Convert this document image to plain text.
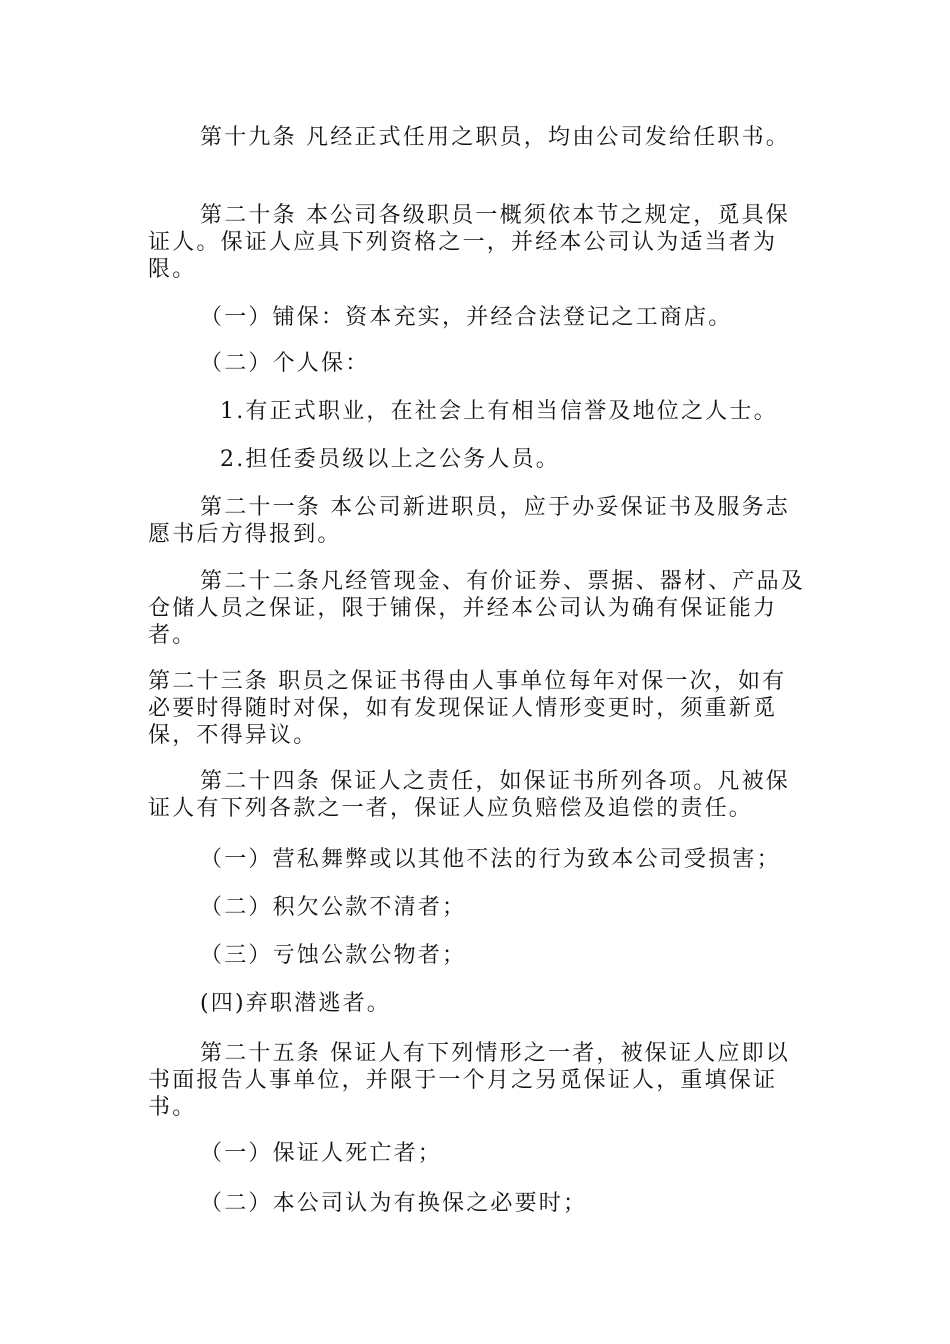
第十九条 凡经正式任用之职员，均由公司发给任职书。

第二十条 本公司各级职员一概须依本节之规定，觅具保证人。保证人应具下列资格之一，并经本公司认为适当者为限。

（一）铺保：资本充实，并经合法登记之工商店。

（二）个人保：

1.有正式职业，在社会上有相当信誉及地位之人士。

2.担任委员级以上之公务人员。

第二十一条 本公司新进职员，应于办妥保证书及服务志愿书后方得报到。

第二十二条凡经管现金、有价证券、票据、器材、产品及仓储人员之保证，限于铺保，并经本公司认为确有保证能力者。

第二十三条 职员之保证书得由人事单位每年对保一次，如有必要时得随时对保，如有发现保证人情形变更时，须重新觅保，不得异议。

第二十四条 保证人之责任，如保证书所列各项。凡被保证人有下列各款之一者，保证人应负赔偿及追偿的责任。

（一）营私舞弊或以其他不法的行为致本公司受损害；

（二）积欠公款不清者；

（三）亏蚀公款公物者；

(四)弃职潜逃者。

第二十五条 保证人有下列情形之一者，被保证人应即以书面报告人事单位，并限于一个月之另觅保证人，重填保证书。

（一）保证人死亡者；

（二）本公司认为有换保之必要时；
